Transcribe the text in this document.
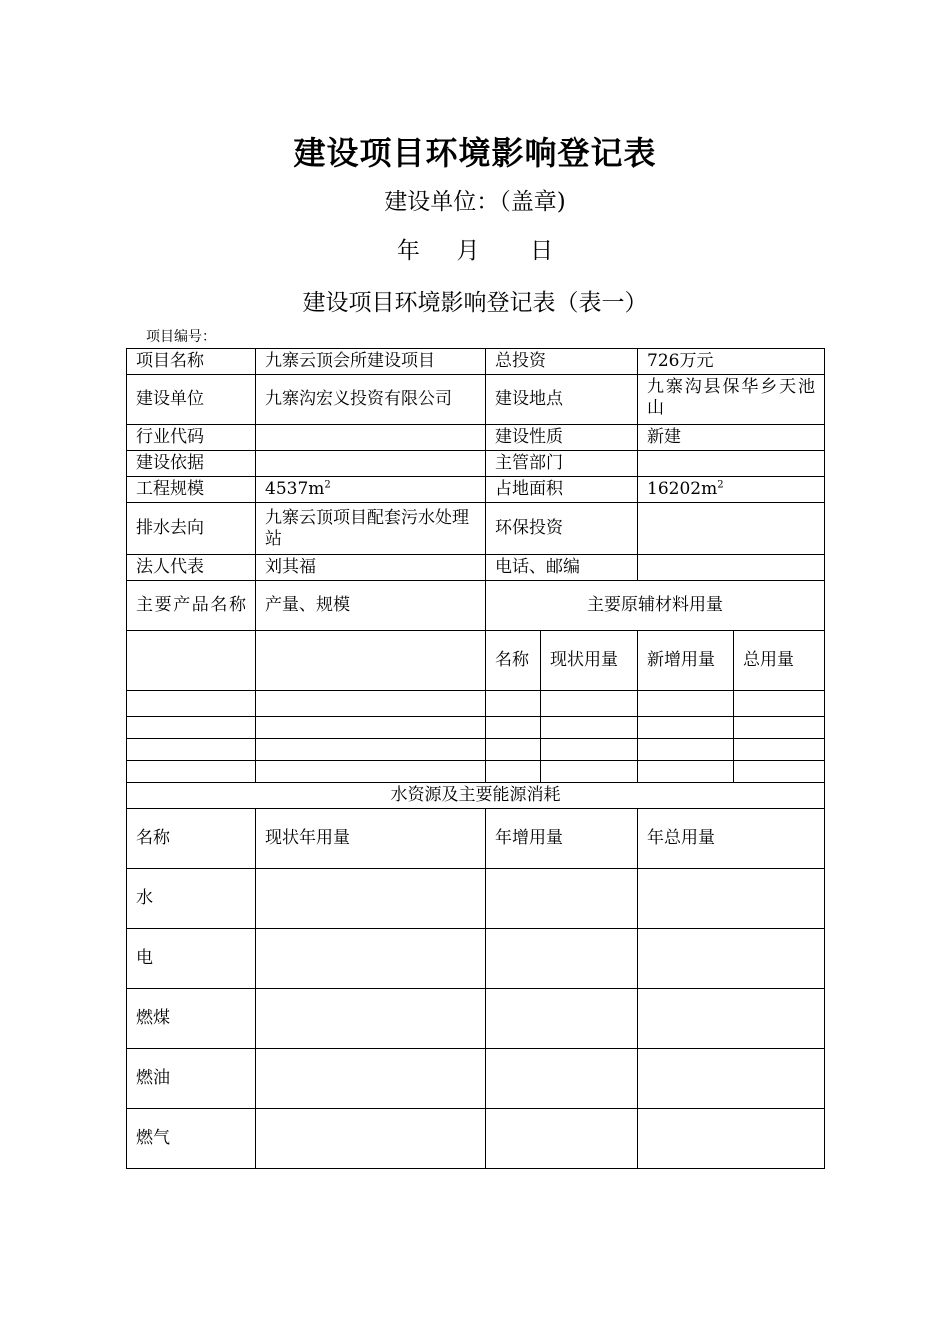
建设项目环境影响登记表
建设单位：（盖章)
年 月 日
建设项目环境影响登记表（表一）
项目编号：
项目名称	九寨云顶会所建设项目	总投资		726万元	
建设单位	九寨沟宏义投资有限公司	建设地点		九寨沟县保华乡天池山	
行业代码		建设性质		新建	
建设依据		主管部门			
工程规模	$4537m^2$	占地面积		$16202m^2$
排水去向	九寨云顶项目配套污水处理站	环保投资			
法人代表	刘其福	电话、邮编			
主要产品名称	产量、规模	主要原辅材料用量			
		名称	现状用量	新增用量	总用量

水资源及主要能源消耗					
名称	现状年用量	年增用量		年总用量	
水					
电					
燃煤					
燃油					
燃气					
